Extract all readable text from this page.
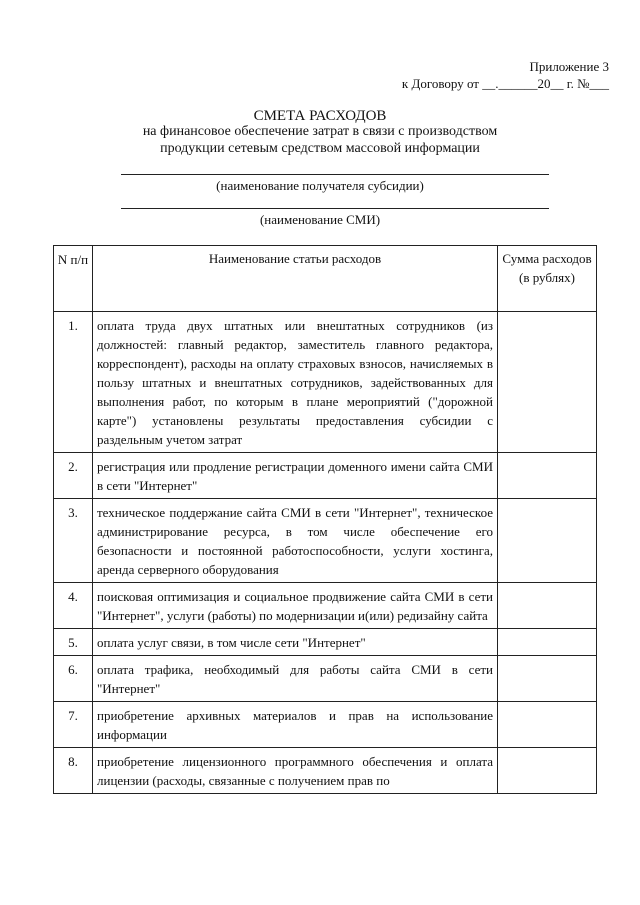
Приложение 3
к Договору от __.______20__ г. №___
СМЕТА РАСХОДОВ
на финансовое обеспечение затрат в связи с производством
продукции сетевым средством массовой информации
(наименование получателя субсидии)
(наименование СМИ)
N п/п	Наименование статьи расходов	Сумма расходов (в рублях)
1.	оплата труда двух штатных или внештатных сотрудников (из должностей: главный редактор, заместитель главного редактора, корреспондент), расходы на оплату страховых взносов, начисляемых в пользу штатных и внештатных сотрудников, задействованных для выполнения работ, по которым в плане мероприятий ("дорожной карте") установлены результаты предоставления субсидии с раздельным учетом затрат	
2.	регистрация или продление регистрации доменного имени сайта СМИ в сети "Интернет"	
3.	техническое поддержание сайта СМИ в сети "Интернет", техническое администрирование ресурса, в том числе обеспечение его безопасности и постоянной работоспособности, услуги хостинга, аренда серверного оборудования	
4.	поисковая оптимизация и социальное продвижение сайта СМИ в сети "Интернет", услуги (работы) по модернизации и(или) редизайну сайта	
5.	оплата услуг связи, в том числе сети "Интернет"	
6.	оплата трафика, необходимый для работы сайта СМИ в сети "Интернет"	
7.	приобретение архивных материалов и прав на использование информации	
8.	приобретение лицензионного программного обеспечения и оплата лицензии (расходы, связанные с получением прав по	
